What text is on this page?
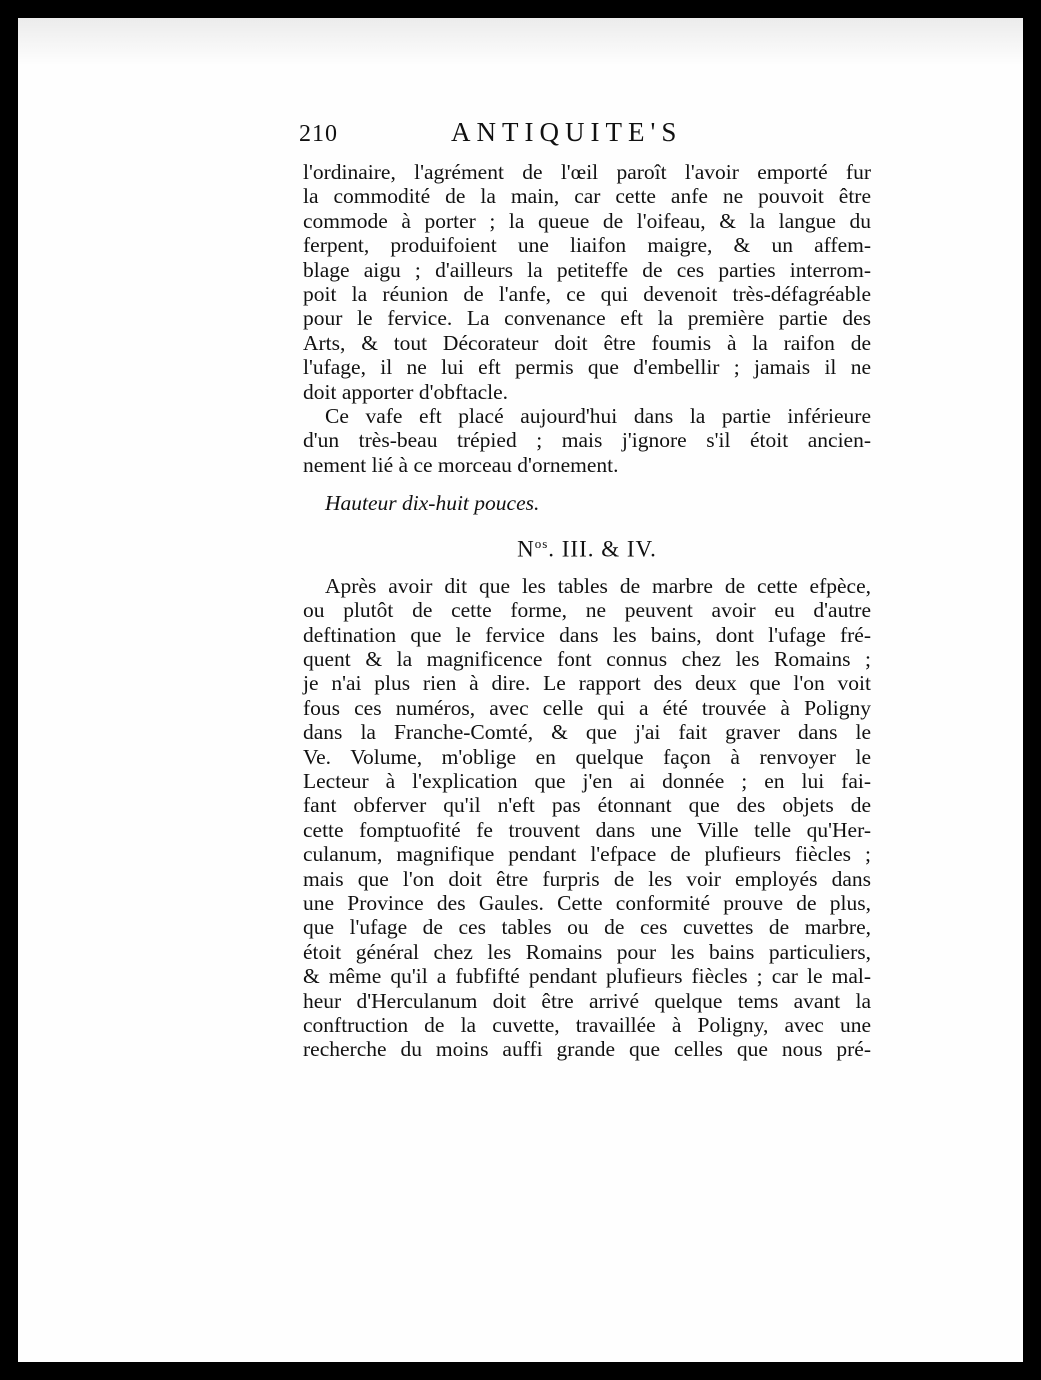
210	ANTIQUITE'S

l'ordinaire, l'agrément de l'œil paroît l'avoir emporté fur
la commodité de la main, car cette anfe ne pouvoit être
commode à porter ; la queue de l'oifeau, & la langue du
ferpent, produifoient une liaifon maigre, & un affem-
blage aigu ; d'ailleurs la petiteffe de ces parties interrom-
poit la réunion de l'anfe, ce qui devenoit très-défagréable
pour le fervice. La convenance eft la première partie des
Arts, & tout Décorateur doit être foumis à la raifon de
l'ufage, il ne lui eft permis que d'embellir ; jamais il ne
doit apporter d'obftacle.

Ce vafe eft placé aujourd'hui dans la partie inférieure
d'un très-beau trépied ; mais j'ignore s'il étoit ancien-
nement lié à ce morceau d'ornement.

Hauteur dix-huit pouces.
$N^{os}$. III. & IV.

Après avoir dit que les tables de marbre de cette efpèce,
ou plutôt de cette forme, ne peuvent avoir eu d'autre
deftination que le fervice dans les bains, dont l'ufage fré-
quent & la magnificence font connus chez les Romains ;
je n'ai plus rien à dire. Le rapport des deux que l'on voit
fous ces numéros, avec celle qui a été trouvée à Poligny
dans la Franche-Comté, & que j'ai fait graver dans le
Ve. Volume, m'oblige en quelque façon à renvoyer le
Lecteur à l'explication que j'en ai donnée ; en lui fai-
fant obferver qu'il n'eft pas étonnant que des objets de
cette fomptuofité fe trouvent dans une Ville telle qu'Her-
culanum, magnifique pendant l'efpace de plufieurs fiècles ;
mais que l'on doit être furpris de les voir employés dans
une Province des Gaules. Cette conformité prouve de plus,
que l'ufage de ces tables ou de ces cuvettes de marbre,
étoit général chez les Romains pour les bains particuliers,
& même qu'il a fubfifté pendant plufieurs fiècles ; car le mal-
heur d'Herculanum doit être arrivé quelque tems avant la
conftruction de la cuvette, travaillée à Poligny, avec une
recherche du moins auffi grande que celles que nous pré-
